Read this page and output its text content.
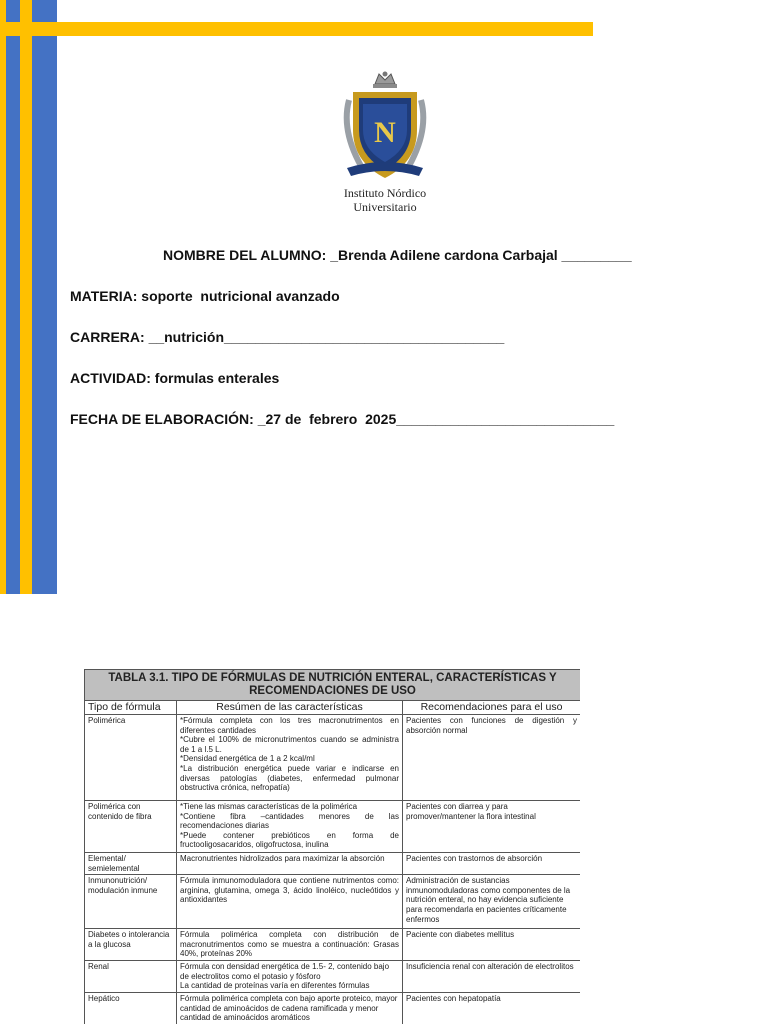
N
Instituto Nórdico
Universitario
NOMBRE DEL ALUMNO: _Brenda Adilene cardona Carbajal _________
MATERIA: soporte  nutricional avanzado
CARRERA: __nutrición____________________________________
ACTIVIDAD: formulas enterales
FECHA DE ELABORACIÓN: _27 de  febrero  2025____________________________
TABLA 3.1. TIPO DE FÓRMULAS DE NUTRICIÓN ENTERAL, CARACTERÍSTICAS Y RECOMENDACIONES DE USO		
Tipo de fórmula	Resúmen de las características	Recomendaciones para el uso
Polimérica	*Fórmula completa con los tres macronutrimentos en diferentes cantidades
*Cubre el 100% de micronutrimentos cuando se administra de 1 a l.5 L.
*Densidad energética de 1 a 2 kcal/ml
*La distribución energética puede variar e indicarse en diversas patologías (diabetes, enfermedad pulmonar obstructiva crónica, nefropatía)	Pacientes con funciones de digestión y absorción normal
Polimérica con contenido de fibra	*Tiene las mismas características de la polimérica
*Contiene fibra –cantidades menores de las recomendaciones diarias
*Puede contener prebióticos en forma de fructooligosacaridos, oligofructosa, inulina	Pacientes con diarrea y para promover/mantener la flora intestinal
Elemental/ semielemental	Macronutrientes hidrolizados para maximizar la absorción	Pacientes con trastornos de absorción
Inmunonutrición/ modulación inmune	Fórmula inmunomoduladora que contiene nutrimentos como: arginina, glutamina, omega 3, ácido linoléico, nucleótidos y antioxidantes	Administración de sustancias inmunomoduladoras como componentes de la nutrición enteral, no hay evidencia suficiente para recomendarla en pacientes críticamente enfermos
Diabetes o intolerancia a la glucosa	Fórmula polimérica completa con distribución de macronutrimentos como se muestra a continuación: Grasas 40%, proteínas 20%	Paciente con diabetes mellitus
Renal	Fórmula con densidad energética de 1.5- 2, contenido bajo de electrolitos como el potasio y fósforo
La cantidad de proteínas varía en diferentes fórmulas	Insuficiencia renal con alteración de electrolitos
Hepático	Fórmula polimérica completa con bajo aporte proteico, mayor cantidad de aminoácidos de cadena ramificada y menor cantidad de aminoácidos aromáticos	Pacientes con hepatopatía
